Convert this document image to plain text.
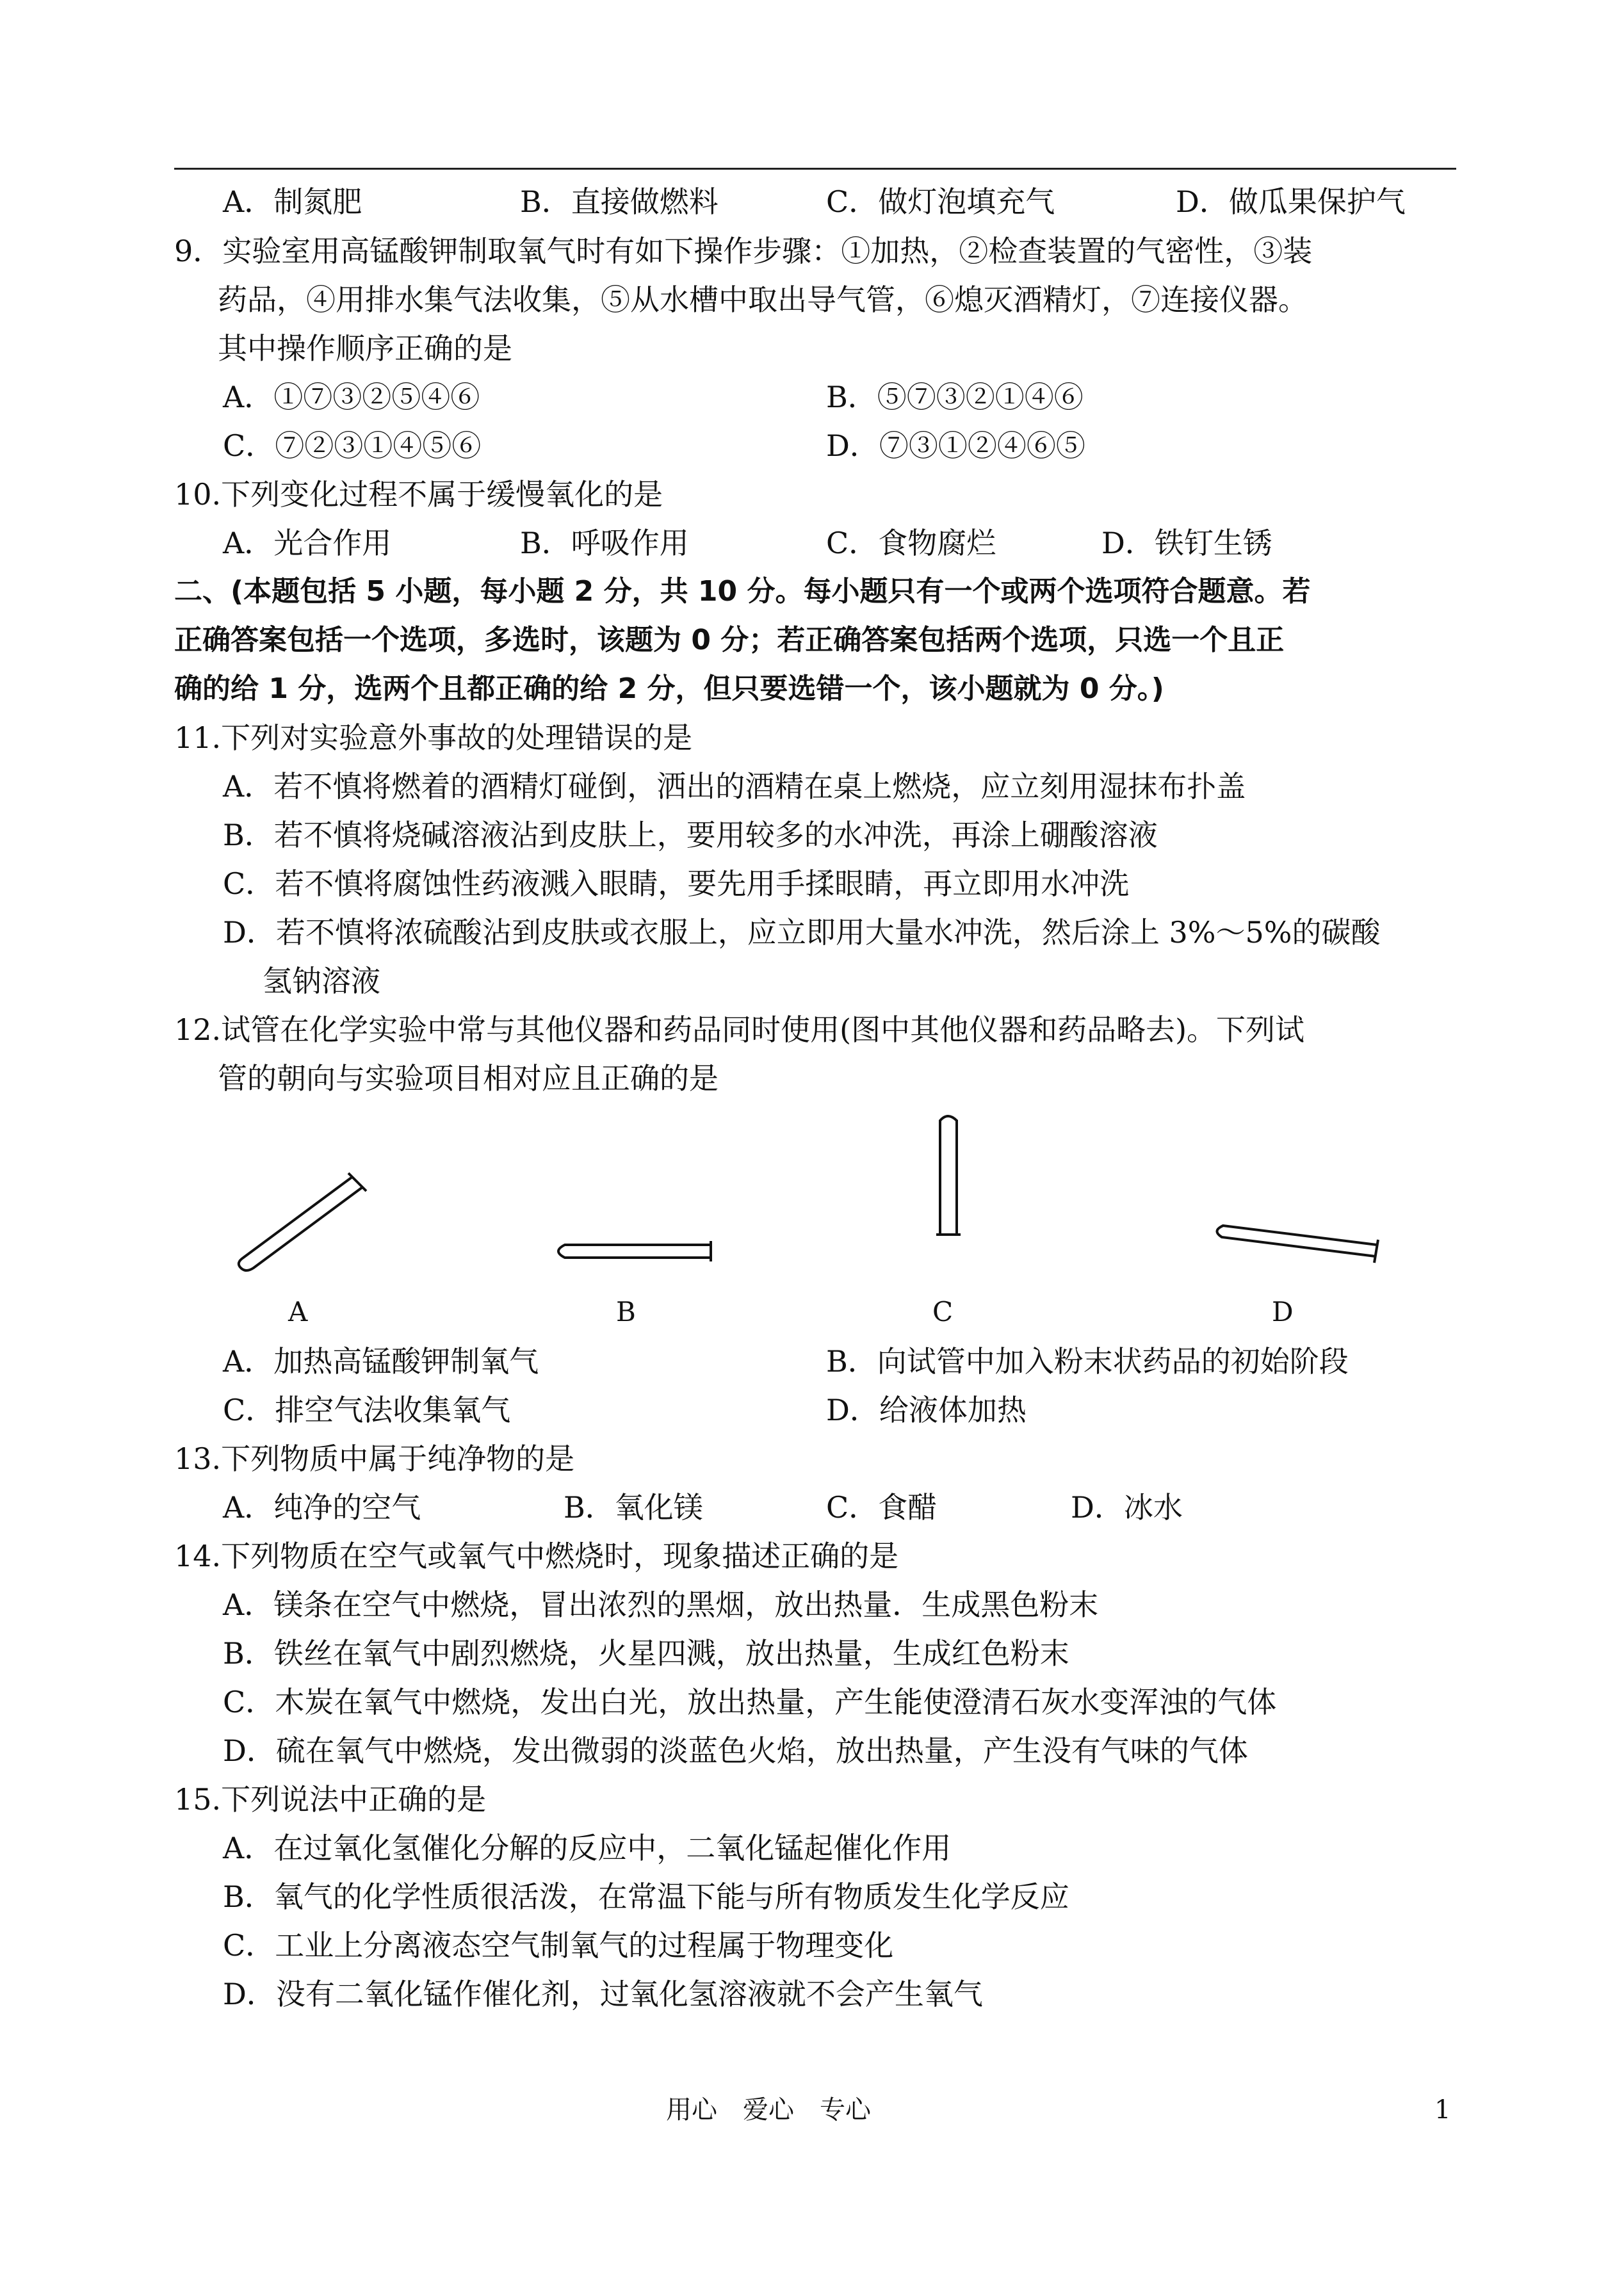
A．制氮肥	B．直接做燃料	C．做灯泡填充气	D．做瓜果保护气
9．实验室用高锰酸钾制取氧气时有如下操作步骤：①加热，②检查装置的气密性，③装
药品，④用排水集气法收集，⑤从水槽中取出导气管，⑥熄灭酒精灯，⑦连接仪器。
其中操作顺序正确的是
A．①⑦③②⑤④⑥	B．⑤⑦③②①④⑥
C．⑦②③①④⑤⑥	D．⑦③①②④⑥⑤
10.下列变化过程不属于缓慢氧化的是
A．光合作用	B．呼吸作用	C．食物腐烂	D．铁钉生锈
二、(本题包括 5 小题，每小题 2 分，共 10 分。每小题只有一个或两个选项符合题意。若
正确答案包括一个选项，多选时，该题为 0 分；若正确答案包括两个选项，只选一个且正
确的给 1 分，选两个且都正确的给 2 分，但只要选错一个，该小题就为 0 分。)
11.下列对实验意外事故的处理错误的是
A．若不慎将燃着的酒精灯碰倒，洒出的酒精在桌上燃烧，应立刻用湿抹布扑盖
B．若不慎将烧碱溶液沾到皮肤上，要用较多的水冲洗，再涂上硼酸溶液
C．若不慎将腐蚀性药液溅入眼睛，要先用手揉眼睛，再立即用水冲洗
D．若不慎将浓硫酸沾到皮肤或衣服上，应立即用大量水冲洗，然后涂上 3%～5%的碳酸
氢钠溶液
12.试管在化学实验中常与其他仪器和药品同时使用(图中其他仪器和药品略去)。下列试
管的朝向与实验项目相对应且正确的是
A	B	C	D
A．加热高锰酸钾制氧气	B．向试管中加入粉末状药品的初始阶段
C．排空气法收集氧气	D．给液体加热
13.下列物质中属于纯净物的是
A．纯净的空气	B．氧化镁	C．食醋	D．冰水
14.下列物质在空气或氧气中燃烧时，现象描述正确的是
A．镁条在空气中燃烧，冒出浓烈的黑烟，放出热量．生成黑色粉末
B．铁丝在氧气中剧烈燃烧，火星四溅，放出热量，生成红色粉末
C．木炭在氧气中燃烧，发出白光，放出热量，产生能使澄清石灰水变浑浊的气体
D．硫在氧气中燃烧，发出微弱的淡蓝色火焰，放出热量，产生没有气味的气体
15.下列说法中正确的是
A．在过氧化氢催化分解的反应中，二氧化锰起催化作用
B．氧气的化学性质很活泼，在常温下能与所有物质发生化学反应
C．工业上分离液态空气制氧气的过程属于物理变化
D．没有二氧化锰作催化剂，过氧化氢溶液就不会产生氧气
用心　爱心　专心	1
